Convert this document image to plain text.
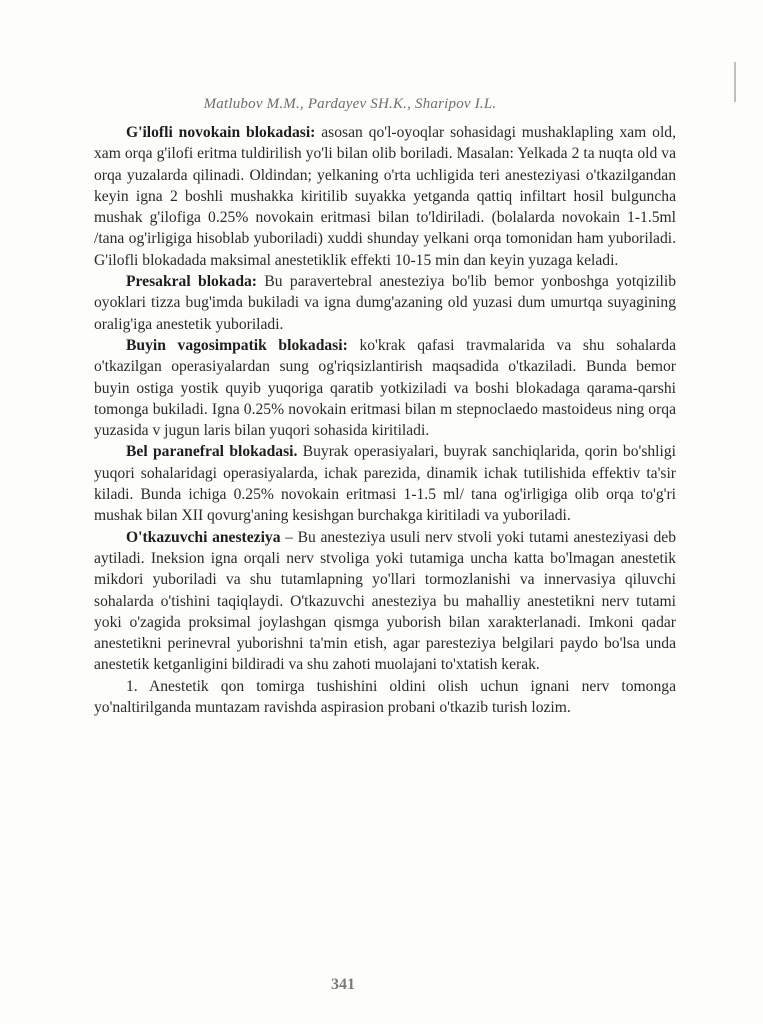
Matlubov M.M., Pardayev SH.K., Sharipov I.L.

G'ilofli novokain blokadasi: asosan qo'l-oyoqlar sohasidagi mushaklapling xam old, xam orqa g'ilofi eritma tuldirilish yo'li bilan olib boriladi. Masalan: Yelkada 2 ta nuqta old va orqa yuzalarda qilinadi. Oldindan; yelkaning o'rta uchligida teri anesteziyasi o'tkazilgandan keyin igna 2 boshli mushakka kiritilib suyakka yetganda qattiq infiltart hosil bulguncha mushak g'ilofiga 0.25% novokain eritmasi bilan to'ldiriladi. (bolalarda novokain 1-1.5ml /tana og'irligiga hisoblab yuboriladi) xuddi shunday yelkani orqa tomonidan ham yuboriladi. G'ilofli blokadada maksimal anestetiklik effekti 10-15 min dan keyin yuzaga keladi.

Presakral blokada: Bu paravertebral anesteziya bo'lib bemor yonboshga yotqizilib oyoklari tizza bug'imda bukiladi va igna dumg'azaning old yuzasi dum umurtqa suyagining oralig'iga anestetik yuboriladi.

Buyin vagosimpatik blokadasi: ko'krak qafasi travmalarida va shu sohalarda o'tkazilgan operasiyalardan sung og'riqsizlantirish maqsadida o'tkaziladi. Bunda bemor buyin ostiga yostik quyib yuqoriga qaratib yotkiziladi va boshi blokadaga qarama-qarshi tomonga bukiladi. Igna 0.25% novokain eritmasi bilan m stepnoclaedo mastoideus ning orqa yuzasida v jugun laris bilan yuqori sohasida kiritiladi.

Bel paranefral blokadasi. Buyrak operasiyalari, buyrak sanchiqlarida, qorin bo'shligi yuqori sohalaridagi operasiyalarda, ichak parezida, dinamik ichak tutilishida effektiv ta'sir kiladi. Bunda ichiga 0.25% novokain eritmasi 1-1.5 ml/ tana og'irligiga olib orqa to'g'ri mushak bilan XII qovurg'aning kesishgan burchakga kiritiladi va yuboriladi.

O'tkazuvchi anesteziya – Bu anesteziya usuli nerv stvoli yoki tutami anesteziyasi deb aytiladi. Ineksion igna orqali nerv stvoliga yoki tutamiga uncha katta bo'lmagan anestetik mikdori yuboriladi va shu tutamlapning yo'llari tormozlanishi va innervasiya qiluvchi sohalarda o'tishini taqiqlaydi. O'tkazuvchi anesteziya bu mahalliy anestetikni nerv tutami yoki o'zagida proksimal joylashgan qismga yuborish bilan xarakterlanadi. Imkoni qadar anestetikni perinevral yuborishni ta'min etish, agar paresteziya belgilari paydo bo'lsa unda anestetik ketganligini bildiradi va shu zahoti muolajani to'xtatish kerak.

1. Anestetik qon tomirga tushishini oldini olish uchun ignani nerv tomonga yo'naltirilganda muntazam ravishda aspirasion probani o'tkazib turish lozim.

341
